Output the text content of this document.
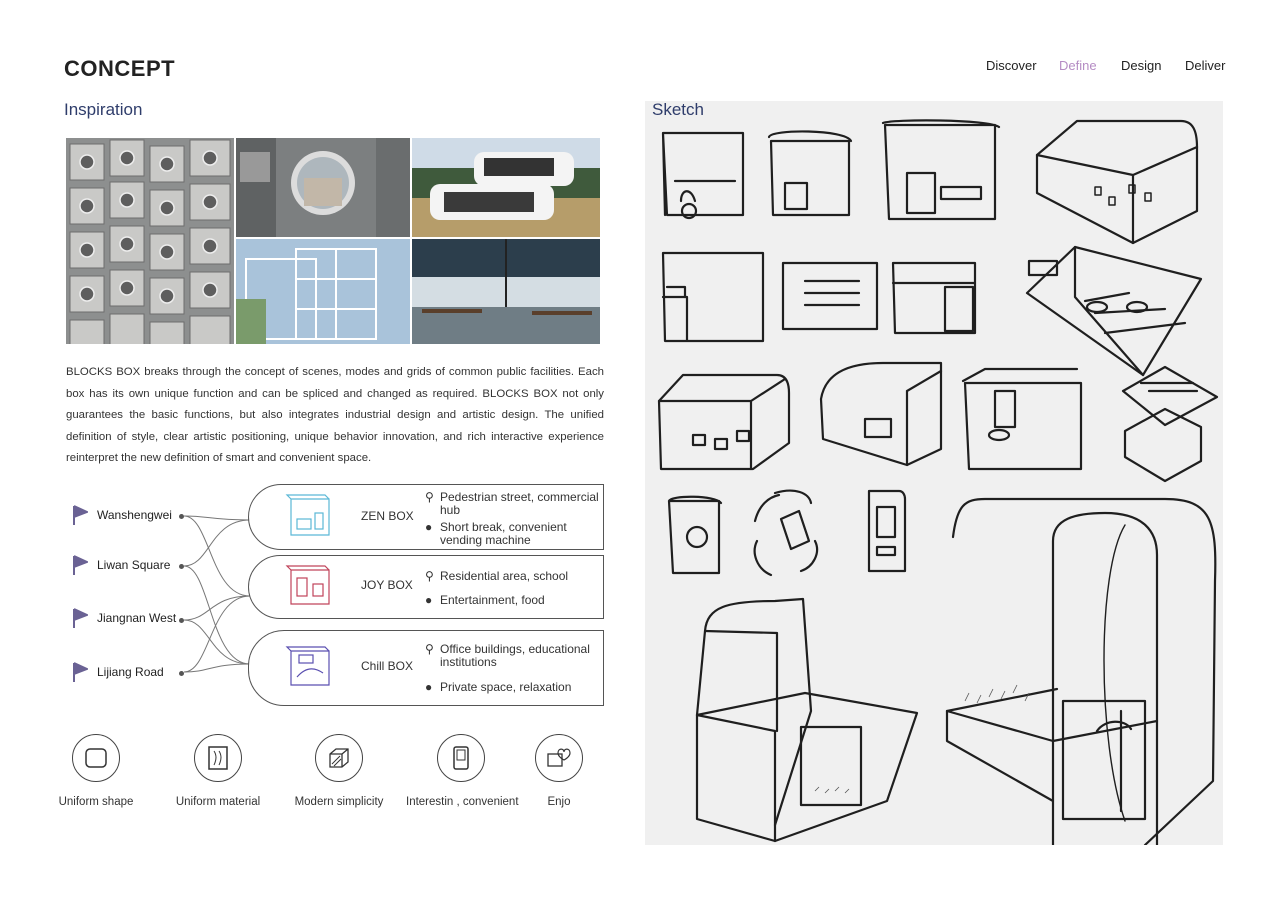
CONCEPT	Discover Define Design Deliver
Inspiration
BLOCKS BOX breaks through the concept of scenes, modes and grids of common public facilities. Each box has its own unique function and can be spliced and changed as required. BLOCKS BOX not only guarantees the basic functions, but also integrates industrial design and artistic design. The unified definition of style, clear artistic positioning, unique behavior innovation, and rich interactive experience reinterpret the new definition of smart and convenient space.
Wanshengwei
Liwan Square
Jiangnan West
Lijiang Road
ZEN BOX
⚲ Pedestrian street, commercial hub
● Short break, convenient vending machine
JOY BOX
⚲ Residential area, school
● Entertainment, food
Chill BOX
⚲ Office buildings, educational institutions
● Private space, relaxation
Uniform shape	Uniform material	Modern simplicity	Interestin , convenient	Enjo
Sketch
